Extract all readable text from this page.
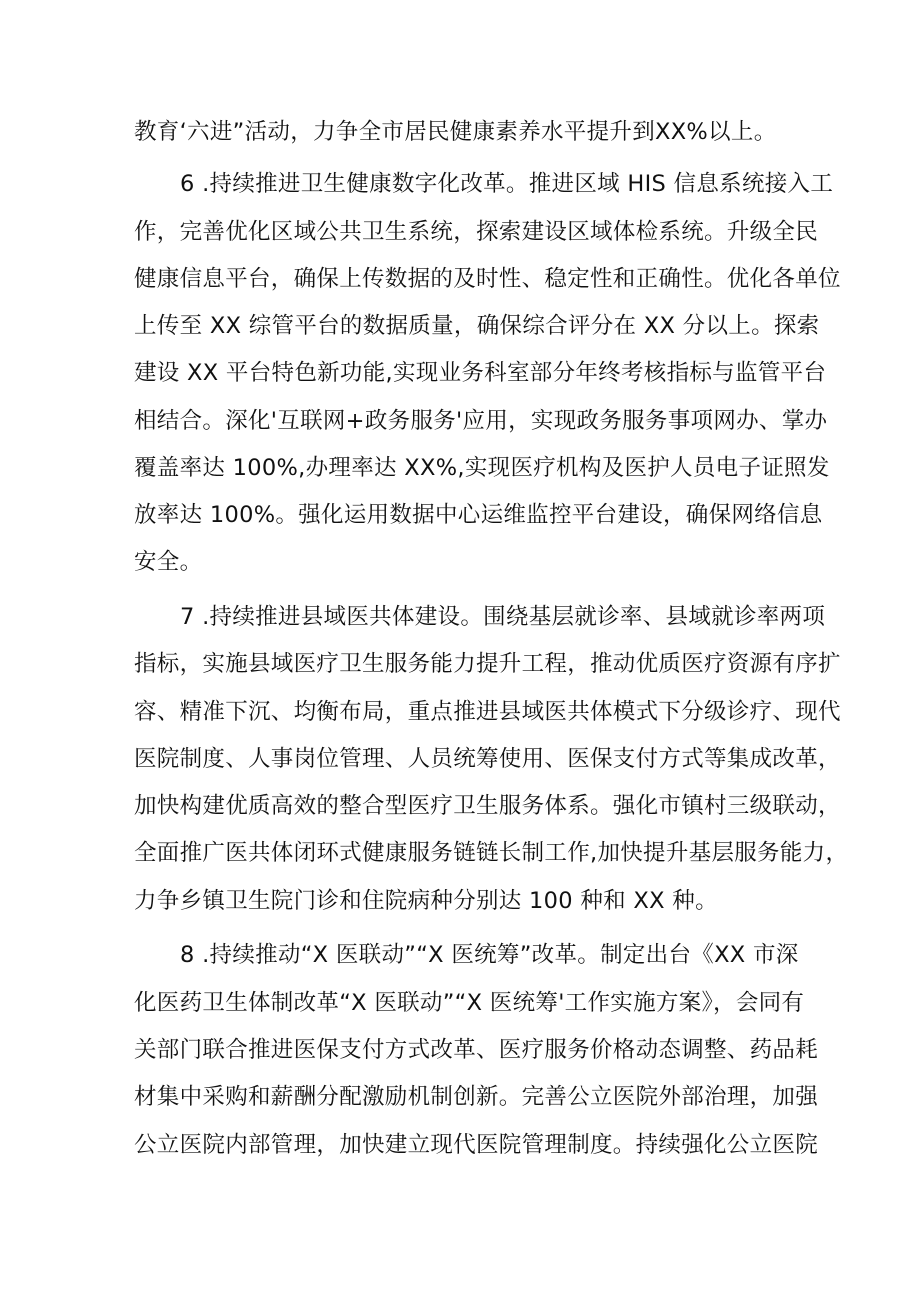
教育‘六进”活动，力争全市居民健康素养水平提升到XX%以上。
6 .持续推进卫生健康数字化改革。推进区域 HIS 信息系统接入工
作，完善优化区域公共卫生系统，探索建设区域体检系统。升级全民
健康信息平台，确保上传数据的及时性、稳定性和正确性。优化各单位
上传至 XX 综管平台的数据质量，确保综合评分在 XX 分以上。探索
建设 XX 平台特色新功能,实现业务科室部分年终考核指标与监管平台
相结合。深化'互联网+政务服务'应用，实现政务服务事项网办、掌办
覆盖率达 100%,办理率达 XX%,实现医疗机构及医护人员电子证照发
放率达 100%。强化运用数据中心运维监控平台建设，确保网络信息
安全。
7 .持续推进县域医共体建设。围绕基层就诊率、县域就诊率两项
指标，实施县域医疗卫生服务能力提升工程，推动优质医疗资源有序扩
容、精准下沉、均衡布局，重点推进县域医共体模式下分级诊疗、现代
医院制度、人事岗位管理、人员统筹使用、医保支付方式等集成改革，
加快构建优质高效的整合型医疗卫生服务体系。强化市镇村三级联动，
全面推广医共体闭环式健康服务链链长制工作,加快提升基层服务能力，
力争乡镇卫生院门诊和住院病种分别达 100 种和 XX 种。
8 .持续推动“X 医联动”“X 医统筹”改革。制定出台《XX 市深
化医药卫生体制改革“X 医联动”“X 医统筹'工作实施方案》，会同有
关部门联合推进医保支付方式改革、医疗服务价格动态调整、药品耗
材集中采购和薪酬分配激励机制创新。完善公立医院外部治理，加强
公立医院内部管理，加快建立现代医院管理制度。持续强化公立医院
